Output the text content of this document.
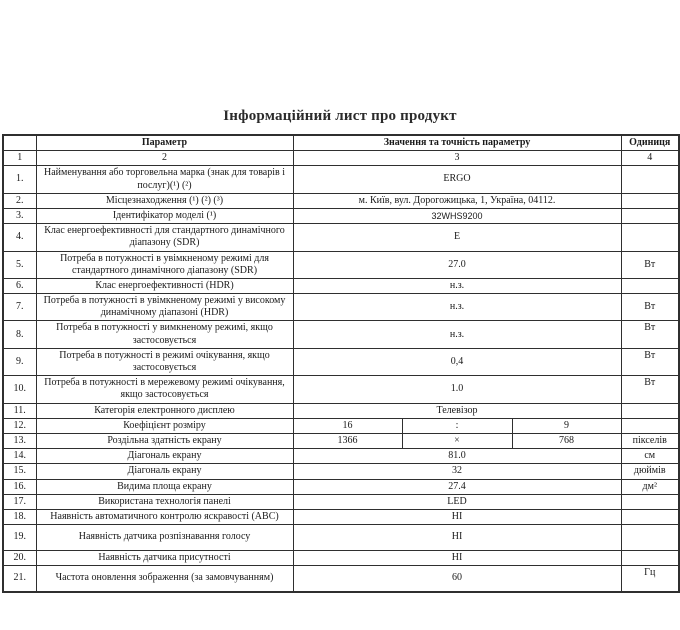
Інформаційний лист про продукт
	Параметр	Значення та точність параметру			Одиниця
1	2	3			4
1.	Найменування або торговельна марка (знак для товарів і послуг)(¹) (²)	ERGO			
2.	Місцезнаходження (¹) (²) (³)	м. Київ, вул. Дорогожицька, 1, Україна, 04112.			
3.	Ідентифікатор моделі (¹)	32WHS9200			
4.	Клас енергоефективності для стандартного динамічного діапазону (SDR)	E			
5.	Потреба в потужності в увімкненому режимі для стандартного динамічного діапазону (SDR)	27.0			Вт
6.	Клас енергоефективності (HDR)	н.з.			
7.	Потреба в потужності в увімкненому режимі у високому динамічному діапазоні (HDR)	н.з.			Вт
8.	Потреба в потужності у вимкненому режимі, якщо застосовується	н.з.			Вт
9.	Потреба в потужності в режимі очікування, якщо застосовується	0,4			Вт
10.	Потреба в потужності в мережевому режимі очікування, якщо застосовується	1.0			Вт
11.	Категорія електронного дисплею	Телевізор			
12.	Коефіцієнт розміру	16	:	9	
13.	Роздільна здатність екрану	1366	×	768	пікселів
14.	Діагональ екрану	81.0			см
15.	Діагональ екрану	32			дюймів
16.	Видима площа екрану	27.4			дм²
17.	Використана технологія панелі	LED			
18.	Наявність автоматичного контролю яскравості (ABC)	НІ			
19.	Наявність датчика розпізнавання голосу	НІ			
20.	Наявність датчика присутності	НІ			
21.	Частота оновлення зображення (за замовчуванням)	60			Гц
